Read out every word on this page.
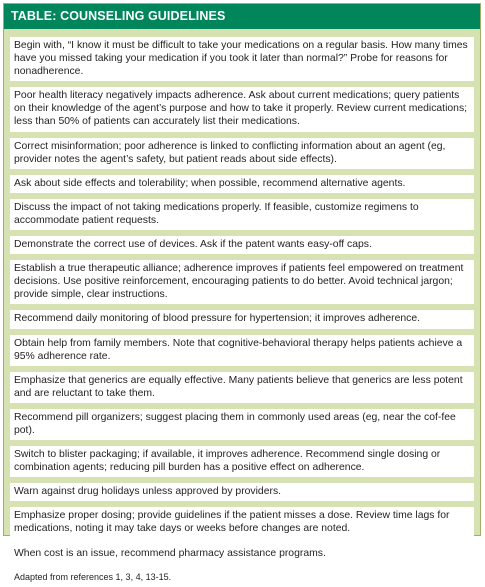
TABLE: COUNSELING GUIDELINES
Begin with, “I know it must be difficult to take your medications on a regular basis. How many times have you missed taking your medication if you took it later than normal?” Probe for reasons for nonadherence.
Poor health literacy negatively impacts adherence. Ask about current medications; query patients on their knowledge of the agent’s purpose and how to take it properly. Review current medications; less than 50% of patients can accurately list their medications.
Correct misinformation; poor adherence is linked to conflicting information about an agent (eg, provider notes the agent’s safety, but patient reads about side effects).
Ask about side effects and tolerability; when possible, recommend alternative agents.
Discuss the impact of not taking medications properly. If feasible, customize regimens to accommodate patient requests.
Demonstrate the correct use of devices. Ask if the patent wants easy-off caps.
Establish a true therapeutic alliance; adherence improves if patients feel empowered on treatment decisions. Use positive reinforcement, encouraging patients to do better. Avoid technical jargon; provide simple, clear instructions.
Recommend daily monitoring of blood pressure for hypertension; it improves adherence.
Obtain help from family members. Note that cognitive-behavioral therapy helps patients achieve a 95% adherence rate.
Emphasize that generics are equally effective. Many patients believe that generics are less potent and are reluctant to take them.
Recommend pill organizers; suggest placing them in commonly used areas (eg, near the cof-fee pot).
Switch to blister packaging; if available, it improves adherence. Recommend single dosing or combination agents; reducing pill burden has a positive effect on adherence.
Warn against drug holidays unless approved by providers.
Emphasize proper dosing; provide guidelines if the patient misses a dose. Review time lags for medications, noting it may take days or weeks before changes are noted.
When cost is an issue, recommend pharmacy assistance programs.
Adapted from references 1, 3, 4, 13-15.
